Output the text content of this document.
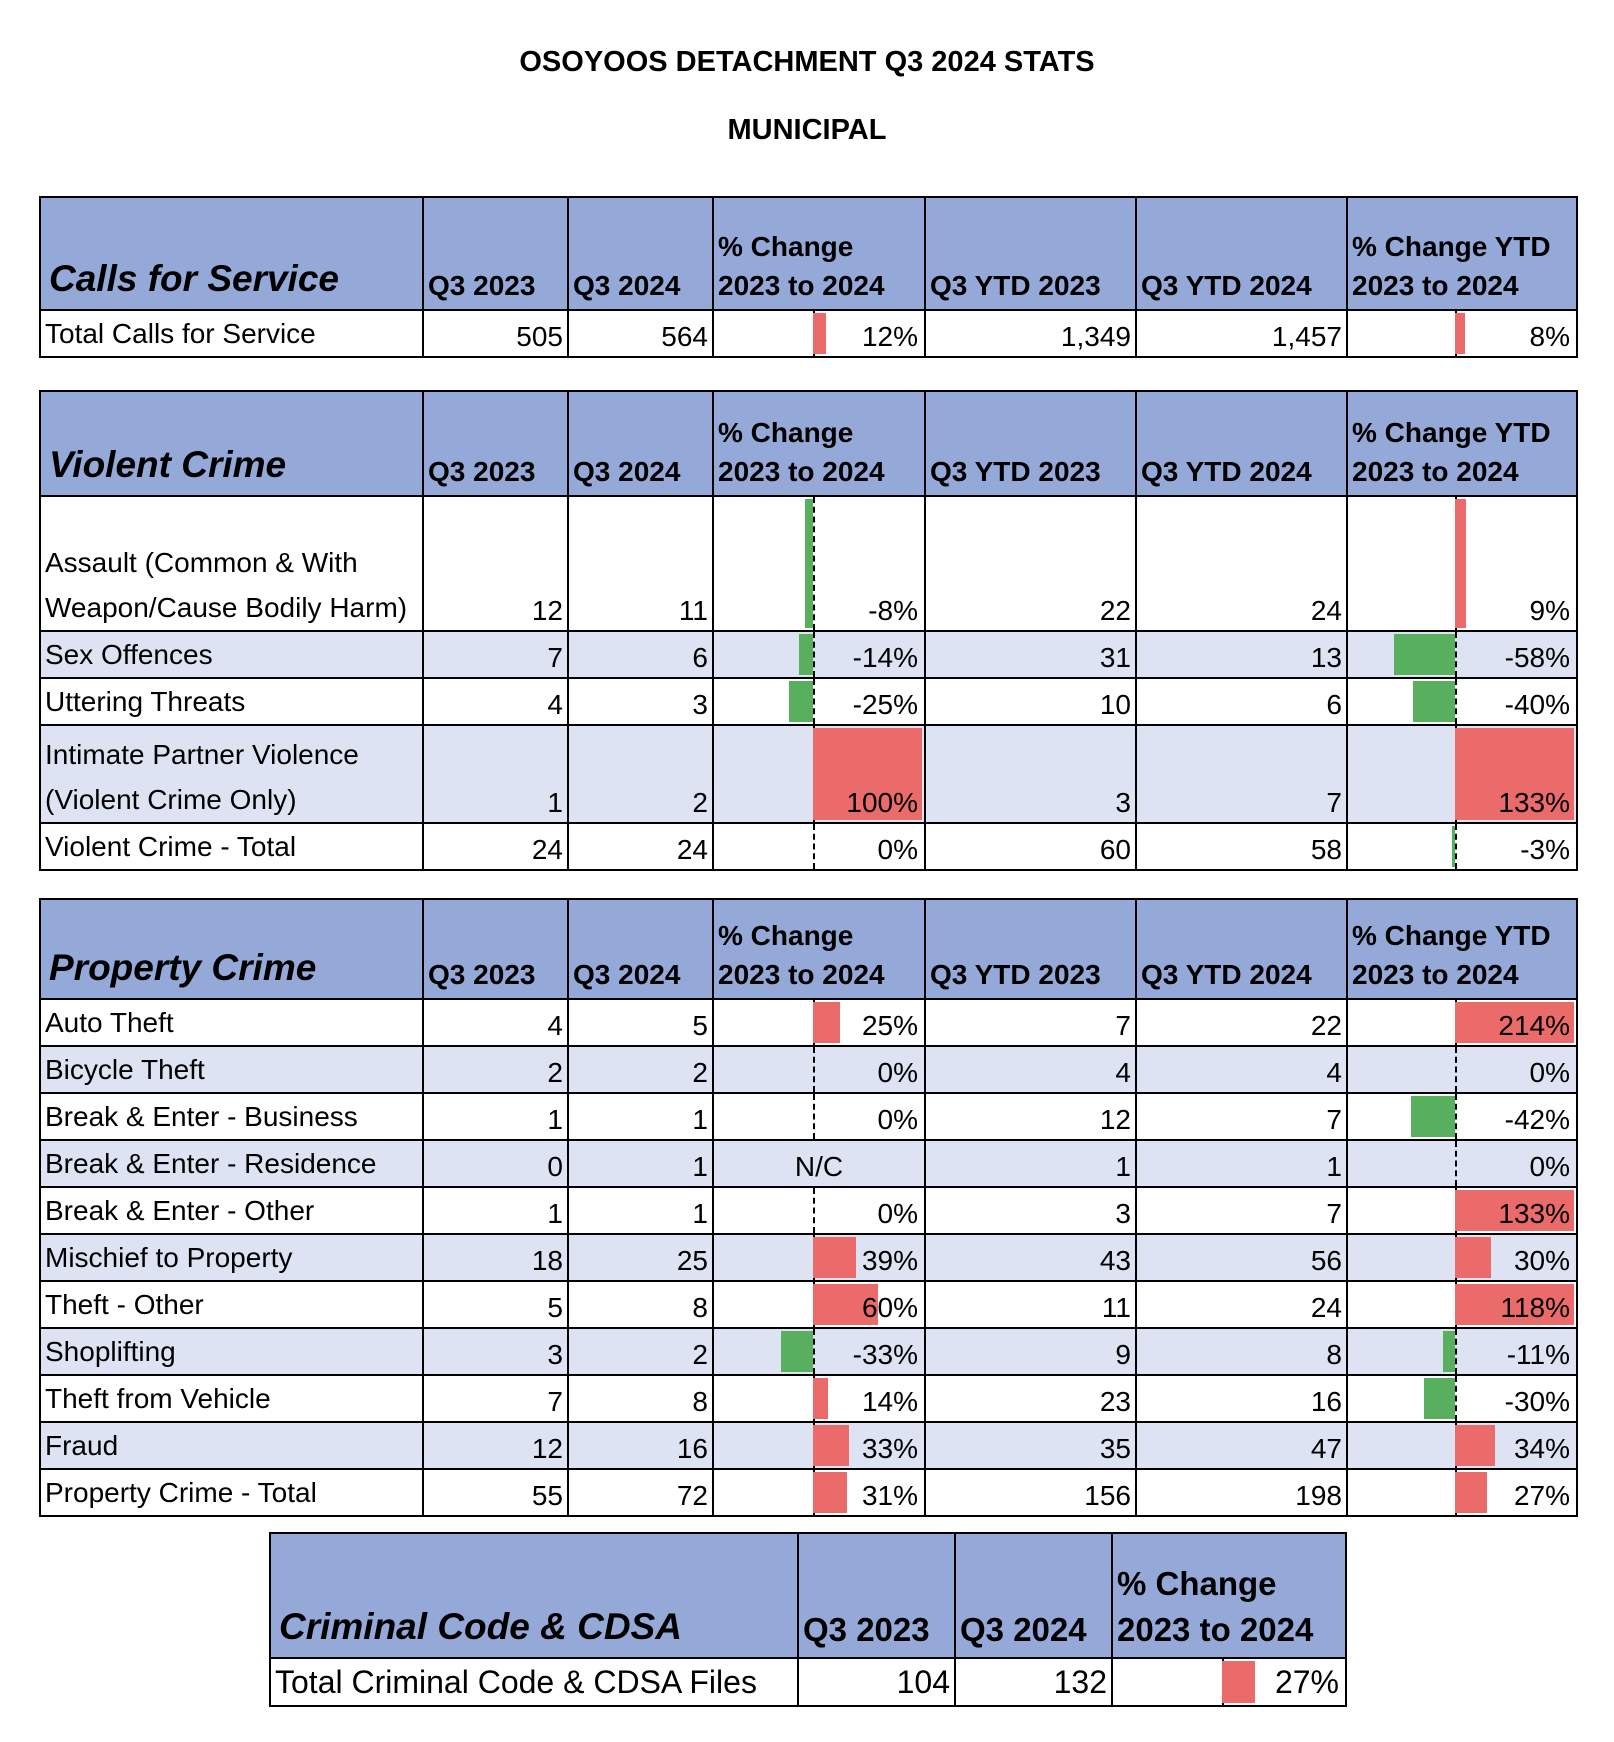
OSOYOOS DETACHMENT Q3 2024 STATS
MUNICIPAL
Calls for Service	Q3 2023	Q3 2024	% Change 2023 to 2024	Q3 YTD 2023	Q3 YTD 2024	% Change YTD 2023 to 2024
Total Calls for Service	505	564	12%	1,349	1,457	8%
Violent Crime	Q3 2023	Q3 2024	% Change 2023 to 2024	Q3 YTD 2023	Q3 YTD 2024	% Change YTD 2023 to 2024
Assault (Common & With Weapon/Cause Bodily Harm)	12	11	-8%	22	24	9%

Sex Offences	7	6	-14%	31	13	-58%

Uttering Threats	4	3	-25%	10	6	-40%

Intimate Partner Violence (Violent Crime Only)	1	2	100%	3	7	133%

Violent Crime - Total	24	24	0%	60	58	-3%
Property Crime	Q3 2023	Q3 2024	% Change 2023 to 2024	Q3 YTD 2023	Q3 YTD 2024	% Change YTD 2023 to 2024
Auto Theft	4	5	25%	7	22	214%

Bicycle Theft	2	2	0%	4	4	0%

Break & Enter - Business	1	1	0%	12	7	-42%

Break & Enter - Residence	0	1	N/C	1	1	0%

Break & Enter - Other	1	1	0%	3	7	133%

Mischief to Property	18	25	39%	43	56	30%

Theft - Other	5	8	60%	11	24	118%

Shoplifting	3	2	-33%	9	8	-11%

Theft from Vehicle	7	8	14%	23	16	-30%

Fraud	12	16	33%	35	47	34%

Property Crime - Total	55	72	31%	156	198	27%
Criminal Code & CDSA	Q3 2023	Q3 2024	% Change 2023 to 2024
Total Criminal Code & CDSA Files	104	132	27%
